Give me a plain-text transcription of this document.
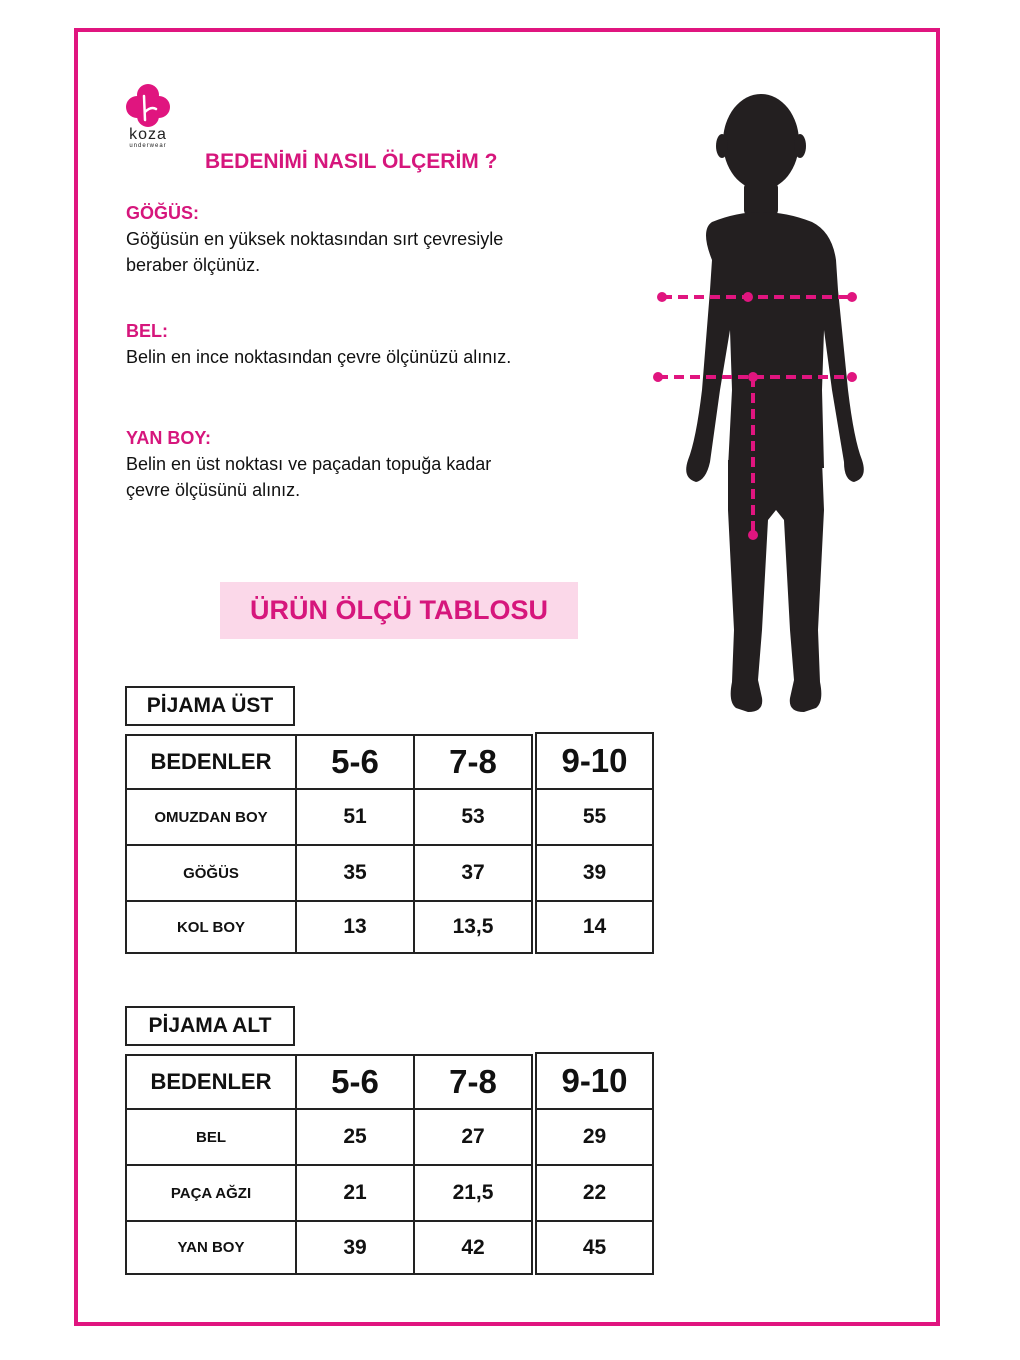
koza
underwear
BEDENİMİ NASIL ÖLÇERİM ?
GÖĞÜS:
Göğüsün en yüksek noktasından sırt çevresiyle
beraber ölçünüz.
BEL:
Belin en ince noktasından çevre ölçünüzü alınız.
YAN BOY:
Belin en üst noktası ve paçadan topuğa kadar
çevre ölçüsünü alınız.
ÜRÜN ÖLÇÜ TABLOSU
PİJAMA ÜST
BEDENLER	5-6	7-8	9-10
OMUZDAN BOY	51	53	55
GÖĞÜS	35	37	39
KOL BOY	13	13,5	14
PİJAMA ALT
BEDENLER	5-6	7-8	9-10
BEL	25	27	29
PAÇA AĞZI	21	21,5	22
YAN BOY	39	42	45
